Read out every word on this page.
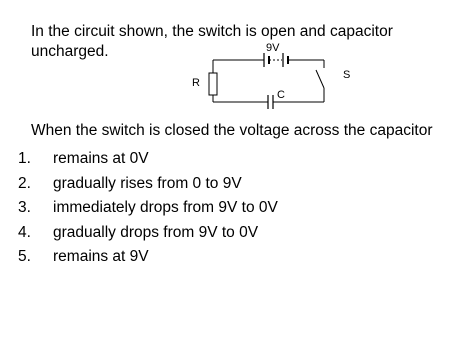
In the circuit shown, the switch is open and capacitor uncharged.	9V
R
C
S

When the switch is closed the voltage across the capacitor

1.	remains at 0V
2.	gradually rises from 0 to 9V
3.	immediately drops from 9V to 0V
4.	gradually drops from 9V to 0V
5.	remains at 9V
